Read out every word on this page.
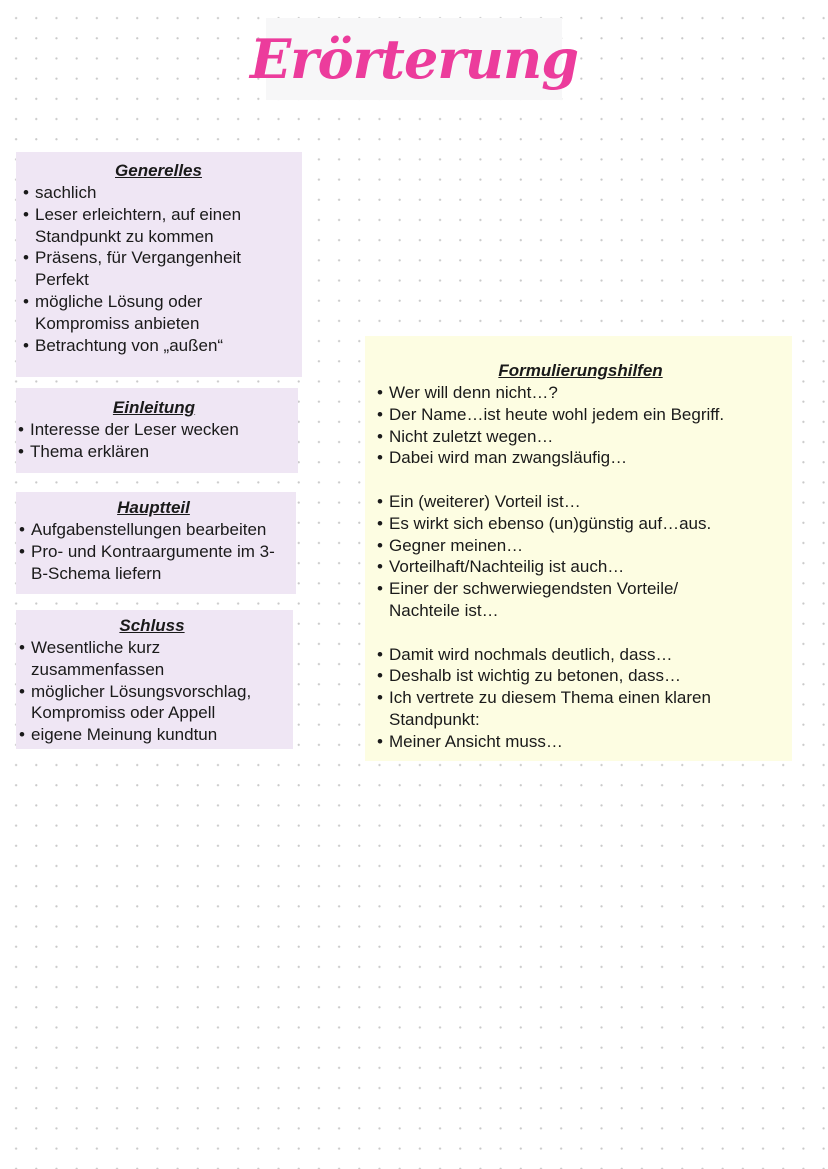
Erörterung
Generelles
• sachlich
• Leser erleichtern, auf einen Standpunkt zu kommen
• Präsens, für Vergangenheit Perfekt
• mögliche Lösung oder Kompromiss anbieten
• Betrachtung von „außen“
Einleitung
• Interesse der Leser wecken
• Thema erklären
Hauptteil
• Aufgabenstellungen bearbeiten
• Pro- und Kontraargumente im 3-B-Schema liefern
Schluss
• Wesentliche kurz zusammenfassen
• möglicher Lösungsvorschlag, Kompromiss oder Appell
• eigene Meinung kundtun
Formulierungshilfen
• Wer will denn nicht…?
• Der Name…ist heute wohl jedem ein Begriff.
• Nicht zuletzt wegen…
• Dabei wird man zwangsläufig…
• Ein (weiterer) Vorteil ist…
• Es wirkt sich ebenso (un)günstig auf…aus.
• Gegner meinen…
• Vorteilhaft/Nachteilig ist auch…
• Einer der schwerwiegendsten Vorteile/ Nachteile ist…
• Damit wird nochmals deutlich, dass…
• Deshalb ist wichtig zu betonen, dass…
• Ich vertrete zu diesem Thema einen klaren Standpunkt:
• Meiner Ansicht muss…
